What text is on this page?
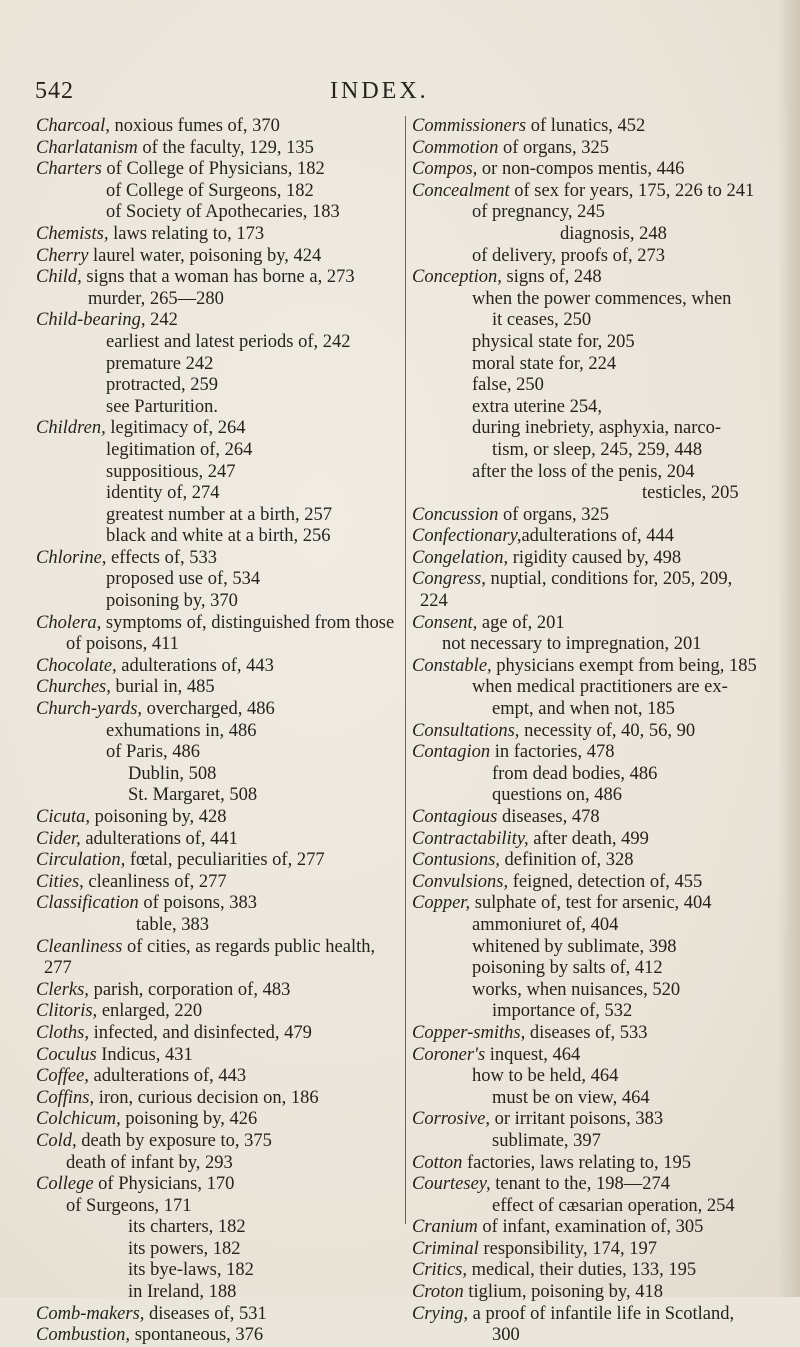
542	INDEX.
Charcoal, noxious fumes of, 370
Charlatanism of the faculty, 129, 135
Charters of College of Physicians, 182
of College of Surgeons, 182
of Society of Apothecaries, 183
Chemists, laws relating to, 173
Cherry laurel water, poisoning by, 424
Child, signs that a woman has borne a, 273
murder, 265—280
Child-bearing, 242
earliest and latest periods of, 242
premature 242
protracted, 259
see Parturition.
Children, legitimacy of, 264
legitimation of, 264
suppositious, 247
identity of, 274
greatest number at a birth, 257
black and white at a birth, 256
Chlorine, effects of, 533
proposed use of, 534
poisoning by, 370
Cholera, symptoms of, distinguished from those
of poisons, 411
Chocolate, adulterations of, 443
Churches, burial in, 485
Church-yards, overcharged, 486
exhumations in, 486
of Paris, 486
Dublin, 508
St. Margaret, 508
Cicuta, poisoning by, 428
Cider, adulterations of, 441
Circulation, fœtal, peculiarities of, 277
Cities, cleanliness of, 277
Classification of poisons, 383
table, 383
Cleanliness of cities, as regards public health,
277
Clerks, parish, corporation of, 483
Clitoris, enlarged, 220
Cloths, infected, and disinfected, 479
Coculus Indicus, 431
Coffee, adulterations of, 443
Coffins, iron, curious decision on, 186
Colchicum, poisoning by, 426
Cold, death by exposure to, 375
death of infant by, 293
College of Physicians, 170
of Surgeons, 171
its charters, 182
its powers, 182
its bye-laws, 182
in Ireland, 188
Comb-makers, diseases of, 531
Combustion, spontaneous, 376
Commissioners of lunatics, 452
Commotion of organs, 325
Compos, or non-compos mentis, 446
Concealment of sex for years, 175, 226 to 241
of pregnancy, 245
diagnosis, 248
of delivery, proofs of, 273
Conception, signs of, 248
when the power commences, when
it ceases, 250
physical state for, 205
moral state for, 224
false, 250
extra uterine 254,
during inebriety, asphyxia, narco-
tism, or sleep, 245, 259, 448
after the loss of the penis, 204
testicles, 205
Concussion of organs, 325
Confectionary,adulterations of, 444
Congelation, rigidity caused by, 498
Congress, nuptial, conditions for, 205, 209,
224
Consent, age of, 201
not necessary to impregnation, 201
Constable, physicians exempt from being, 185
when medical practitioners are ex-
empt, and when not, 185
Consultations, necessity of, 40, 56, 90
Contagion in factories, 478
from dead bodies, 486
questions on, 486
Contagious diseases, 478
Contractability, after death, 499
Contusions, definition of, 328
Convulsions, feigned, detection of, 455
Copper, sulphate of, test for arsenic, 404
ammoniuret of, 404
whitened by sublimate, 398
poisoning by salts of, 412
works, when nuisances, 520
importance of, 532
Copper-smiths, diseases of, 533
Coroner's inquest, 464
how to be held, 464
must be on view, 464
Corrosive, or irritant poisons, 383
sublimate, 397
Cotton factories, laws relating to, 195
Courtesey, tenant to the, 198—274
effect of cæsarian operation, 254
Cranium of infant, examination of, 305
Criminal responsibility, 174, 197
Critics, medical, their duties, 133, 195
Croton tiglium, poisoning by, 418
Crying, a proof of infantile life in Scotland,
300
